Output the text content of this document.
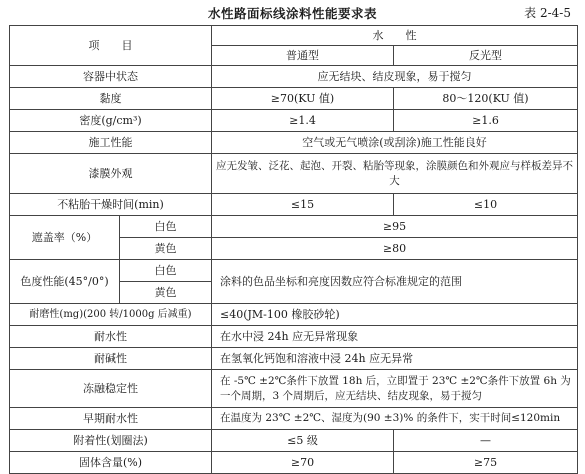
水性路面标线涂料性能要求表	表 2-4-5
项　　目		水　　性	
		普通型	反光型
容器中状态		应无结块、结皮现象，易于搅匀	
黏度		≥70(KU 值)	80～120(KU 值)
密度(g/cm³)		≥1.4	≥1.6
施工性能		空气或无气喷涂(或刮涂)施工性能良好	
漆膜外观		应无发皱、泛花、起泡、开裂、粘胎等现象，涂膜颜色和外观应与样板差异不大	
不粘胎干燥时间(min)		≤15	≤10
遮盖率（%）	白色	≥95	
	黄色	≥80	
色度性能(45°/0°)	白色	涂料的色品坐标和亮度因数应符合标准规定的范围	
	黄色		
耐磨性(mg)(200 转/1000g 后减重)		≤40(JM-100 橡胶砂轮)	
耐水性		在水中浸 24h 应无异常现象	
耐碱性		在氢氧化钙饱和溶液中浸 24h 应无异常	
冻融稳定性		在 -5℃ ±2℃条件下放置 18h 后，立即置于 23℃ ±2℃条件下放置 6h 为一个周期，3 个周期后，应无结块、结皮现象，易于搅匀	
早期耐水性		在温度为 23℃ ±2℃、湿度为(90 ±3)% 的条件下，实干时间≤120min	
附着性(划圈法)		≤5 级	—
固体含量(%)		≥70	≥75
